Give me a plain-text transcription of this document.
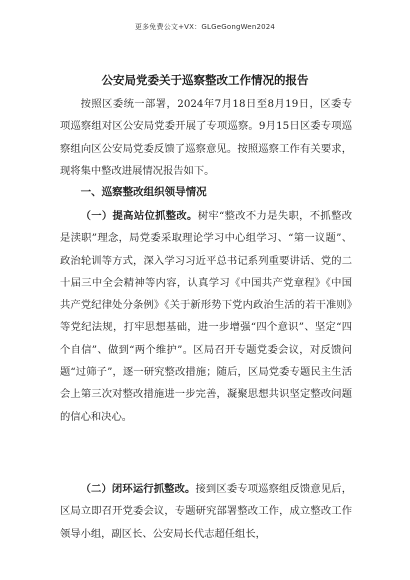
更多免费公文+VX：GLGeGongWen2024
公安局党委关于巡察整改工作情况的报告

按照区委统一部署，2024年7月18日至8月19日，区委专项巡察组对区公安局党委开展了专项巡察。9月15日区委专项巡察组向区公安局党委反馈了巡察意见。按照巡察工作有关要求，现将集中整改进展情况报告如下。

一、巡察整改组织领导情况

（一）提高站位抓整改。树牢“整改不力是失职，不抓整改是渎职”理念，局党委采取理论学习中心组学习、“第一议题”、政治轮训等方式，深入学习习近平总书记系列重要讲话、党的二十届三中全会精神等内容，认真学习《中国共产党章程》《中国共产党纪律处分条例》《关于新形势下党内政治生活的若干准则》等党纪法规，打牢思想基础，进一步增强“四个意识”、坚定“四个自信”、做到“两个维护”。区局召开专题党委会议，对反馈问题“过筛子”，逐一研究整改措施；随后，区局党委专题民主生活会上第三次对整改措施进一步完善，凝聚思想共识坚定整改问题的信心和决心。

（二）闭环运行抓整改。接到区委专项巡察组反馈意见后，区局立即召开党委会议，专题研究部署整改工作，成立整改工作领导小组，副区长、公安局长代志超任组长，
